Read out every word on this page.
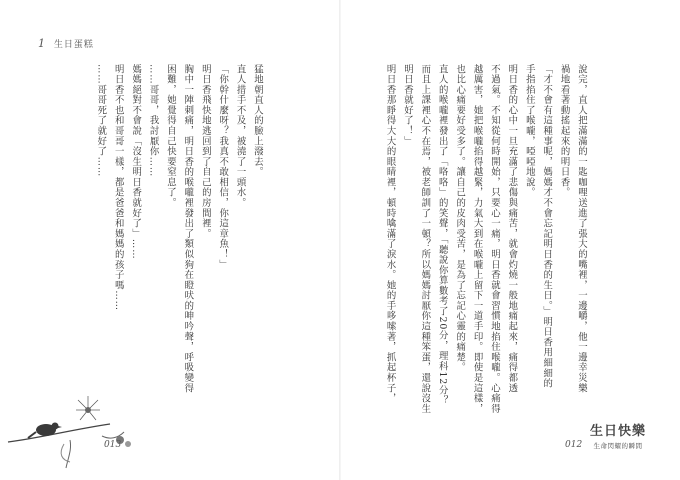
1 生日蛋糕
猛地朝直人的臉上潑去。
直人措手不及，被澆了一頭水。
「你幹什麼呀？我真不敢相信，你這章魚！」
明日香飛快地逃回到了自己的房間裡。
胸中一陣刺痛，明日香的喉嚨裡發出了類似狗在瞪吠的呻吟聲，呼吸變得
困難，她覺得自己快要窒息了。
……哥哥，我討厭你……
媽媽絕對不會說「沒生明日香就好了」……
明日香不也和哥哥一樣，都是爸爸和媽媽的孩子嗎……
……哥哥死了就好了……	說完，直人把滿滿的一匙咖哩送進了張大的嘴裡，一邊嚼，他一邊幸災樂
禍地看著動搖起來的明日香。
「才不會有這種事呢，媽媽才不會忘記明日香的生日。」明日香用細細的
手指掐住了喉嚨，啞啞地說。
明日香的心中一旦充滿了悲傷與痛苦，就會灼燒一般地痛起來，痛得都透
不過氣。不知從何時開始，只要心一痛，明日香就會習慣地掐住喉嚨。心痛得
越厲害，她把喉嚨掐得越緊，力氣大到在喉嚨上留下一道手印。即使是這樣，
也比心痛要好受多了。讓自己的皮肉受苦，是為了忘記心靈的痛楚。
直人的喉嚨裡發出了「咯咯」的笑聲，「聽說你算數考了20分，理科12分？
而且上課裡心不在焉，被老師訓了一頓？所以媽媽討厭你這種笨蛋，還說沒生
明日香就好了！」
明日香那睜得大大的眼睛裡，頓時噙滿了淚水。她的手哆嗦著，抓起杯子，
013	012
生日快樂
生命閃耀的瞬間
